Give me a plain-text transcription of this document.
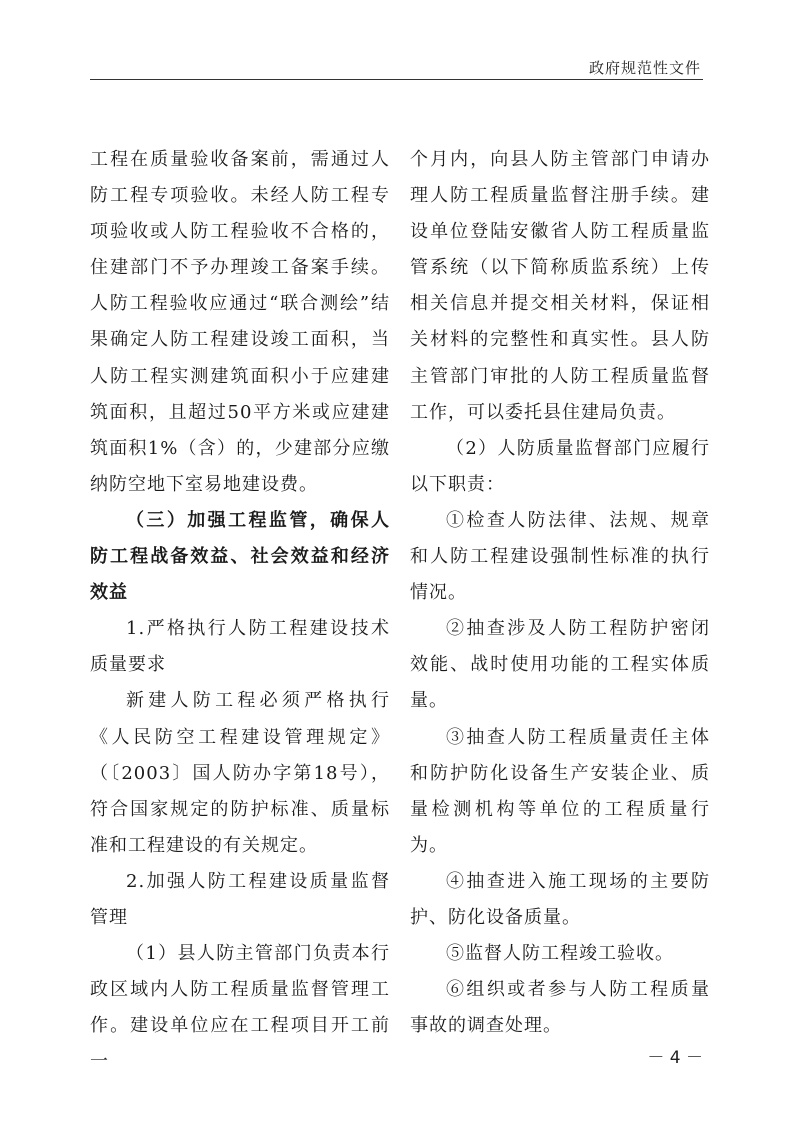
政府规范性文件

工程在质量验收备案前，需通过人防工程专项验收。未经人防工程专项验收或人防工程验收不合格的，住建部门不予办理竣工备案手续。人防工程验收应通过“联合测绘”结果确定人防工程建设竣工面积，当人防工程实测建筑面积小于应建建筑面积，且超过50平方米或应建建筑面积1%（含）的，少建部分应缴纳防空地下室易地建设费。

（三）加强工程监管，确保人防工程战备效益、社会效益和经济效益

1.严格执行人防工程建设技术质量要求

新建人防工程必须严格执行《人民防空工程建设管理规定》（〔2003〕国人防办字第18号），符合国家规定的防护标准、质量标准和工程建设的有关规定。

2.加强人防工程建设质量监督管理

（1）县人防主管部门负责本行政区域内人防工程质量监督管理工作。建设单位应在工程项目开工前一

个月内，向县人防主管部门申请办理人防工程质量监督注册手续。建设单位登陆安徽省人防工程质量监管系统（以下简称质监系统）上传相关信息并提交相关材料，保证相关材料的完整性和真实性。县人防主管部门审批的人防工程质量监督工作，可以委托县住建局负责。

（2）人防质量监督部门应履行以下职责：

①检查人防法律、法规、规章和人防工程建设强制性标准的执行情况。

②抽查涉及人防工程防护密闭效能、战时使用功能的工程实体质量。

③抽查人防工程质量责任主体和防护防化设备生产安装企业、质量检测机构等单位的工程质量行为。

④抽查进入施工现场的主要防护、防化设备质量。

⑤监督人防工程竣工验收。

⑥组织或者参与人防工程质量事故的调查处理。

－ 4 －
